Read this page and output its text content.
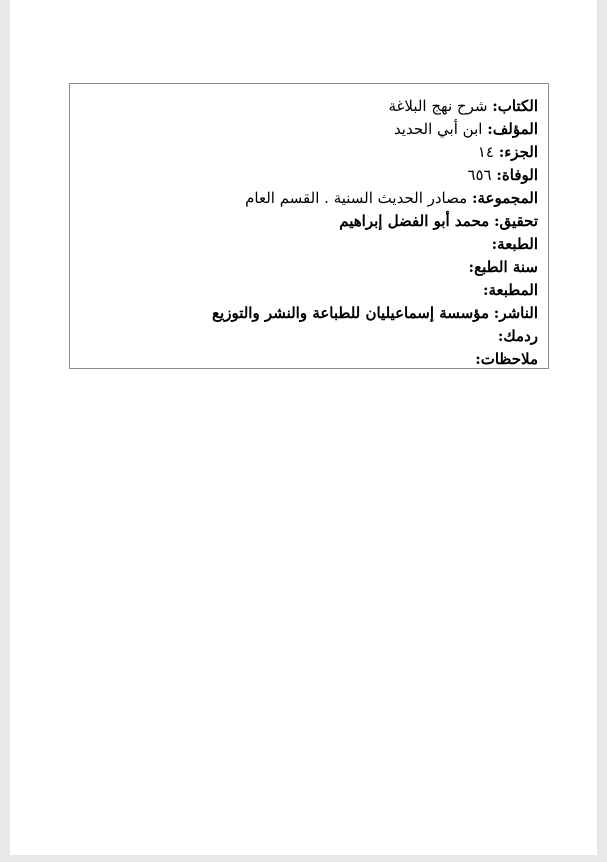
الكتاب: شرح نهج البلاغة
المؤلف: ابن أبي الحديد
الجزء: ١٤
الوفاة: ٦٥٦
المجموعة: مصادر الحديث السنية . القسم العام
تحقيق: محمد أبو الفضل إبراهيم
الطبعة:
سنة الطبع:
المطبعة:
الناشر: مؤسسة إسماعيليان للطباعة والنشر والتوزيع
ردمك:
ملاحظات:
